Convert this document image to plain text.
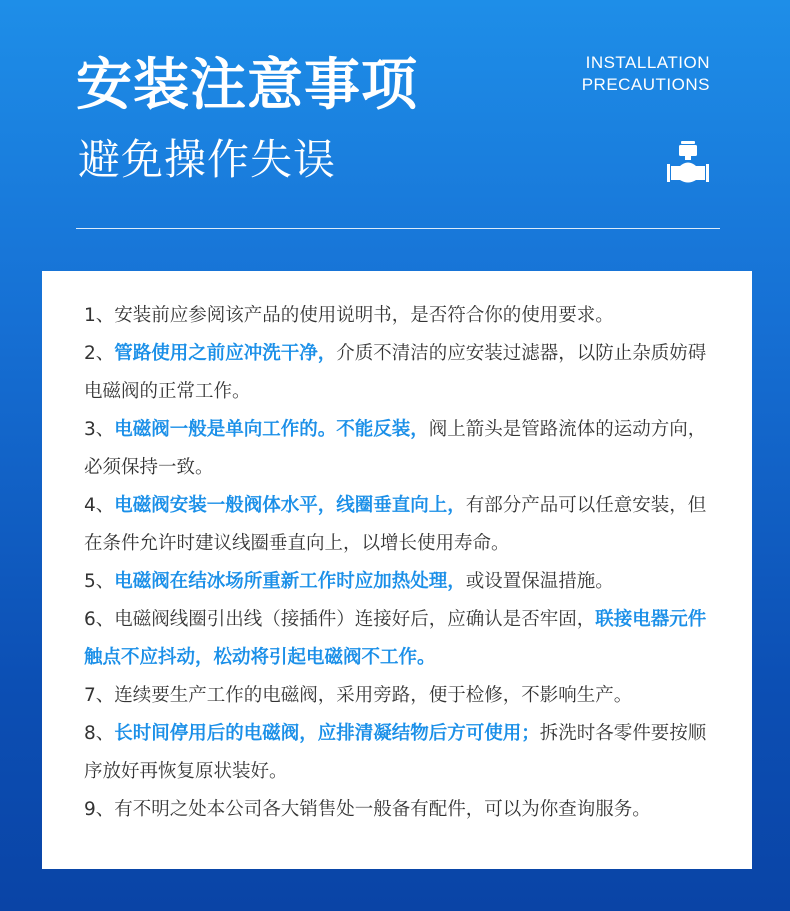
安装注意事项
避免操作失误
INSTALLATION
PRECAUTIONS
1、安装前应参阅该产品的使用说明书，是否符合你的使用要求。
2、管路使用之前应冲洗干净，介质不清洁的应安装过滤器，以防止杂质妨碍电磁阀的正常工作。
3、电磁阀一般是单向工作的。不能反装，阀上箭头是管路流体的运动方向，必须保持一致。
4、电磁阀安装一般阀体水平，线圈垂直向上，有部分产品可以任意安装，但在条件允许时建议线圈垂直向上，以增长使用寿命。
5、电磁阀在结冰场所重新工作时应加热处理，或设置保温措施。
6、电磁阀线圈引出线（接插件）连接好后，应确认是否牢固，联接电器元件触点不应抖动，松动将引起电磁阀不工作。
7、连续要生产工作的电磁阀，采用旁路，便于检修，不影响生产。
8、长时间停用后的电磁阀，应排清凝结物后方可使用；拆洗时各零件要按顺序放好再恢复原状装好。
9、有不明之处本公司各大销售处一般备有配件，可以为你查询服务。
